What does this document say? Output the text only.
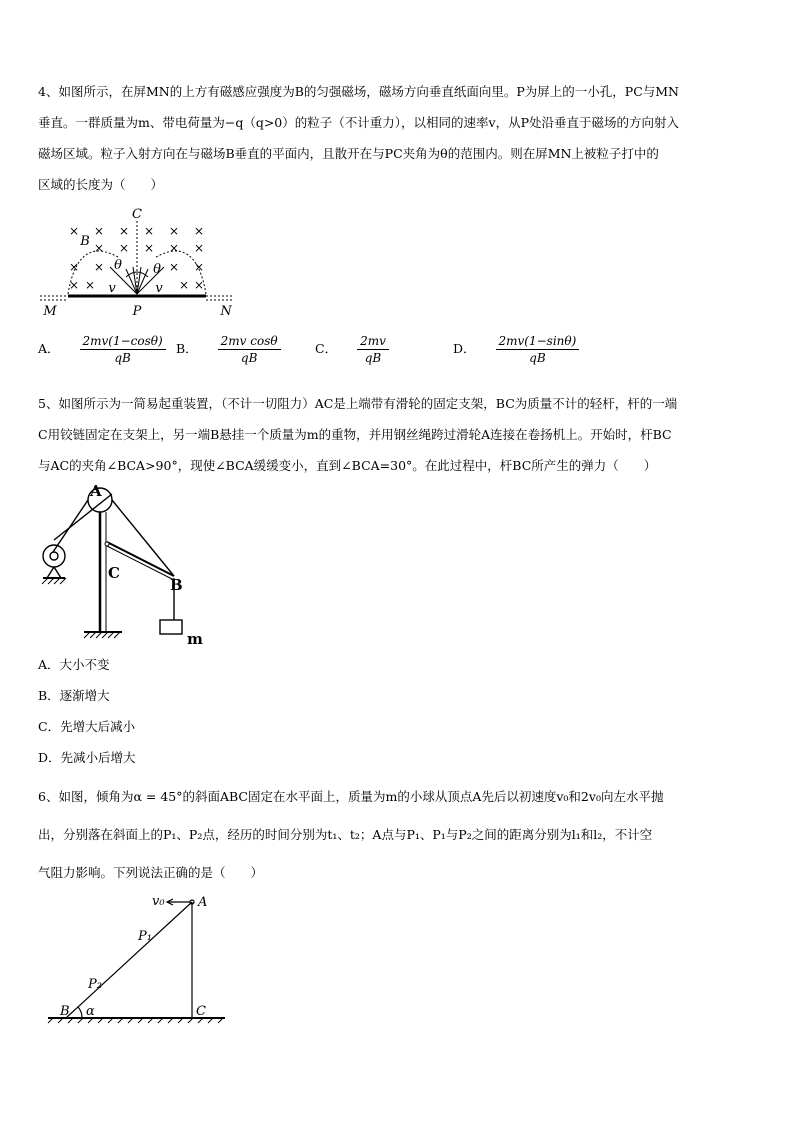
4、如图所示，在屏MN的上方有磁感应强度为B的匀强磁场，磁场方向垂直纸面向里。P为屏上的一小孔，PC与MN
垂直。一群质量为m、带电荷量为−q（q>0）的粒子（不计重力），以相同的速率v，从P处沿垂直于磁场的方向射入
磁场区域。粒子入射方向在与磁场B垂直的平面内，且散开在与PC夹角为θ的范围内。则在屏MN上被粒子打中的
区域的长度为（　　）

× × × × × ×
× × × × ×
× ×	× ×
× ×	× ×
C
B
θ θ
v	v
M	P	N
A． $\frac{2mv(1-\cos\theta)}{qB}$ B． $\frac{\text{2mv cosθ}}{qB}$	C． $\frac{2mv}{qB}$	D． $\frac{2mv(1-\sin\theta)}{qB}$

5、如图所示为一简易起重装置，（不计一切阻力）AC是上端带有滑轮的固定支架，BC为质量不计的轻杆，杆的一端
C用铰链固定在支架上，另一端B悬挂一个质量为m的重物，并用钢丝绳跨过滑轮A连接在卷扬机上。开始时，杆BC
与AC的夹角∠BCA>90°，现使∠BCA缓缓变小，直到∠BCA=30°。在此过程中，杆BC所产生的弹力（　　）

A
C
B
m
A．大小不变
B．逐渐增大
C．先增大后减小
D．先减小后增大

6、如图，倾角为α = 45°的斜面ABC固定在水平面上，质量为m的小球从顶点A先后以初速度v₀和2v₀向左水平抛
出，分别落在斜面上的P₁、P₂点，经历的时间分别为t₁、t₂；A点与P₁、P₁与P₂之间的距离分别为l₁和l₂，不计空
气阻力影响。下列说法正确的是（　　）

v₀	A
P₁
P₂
B α	C
